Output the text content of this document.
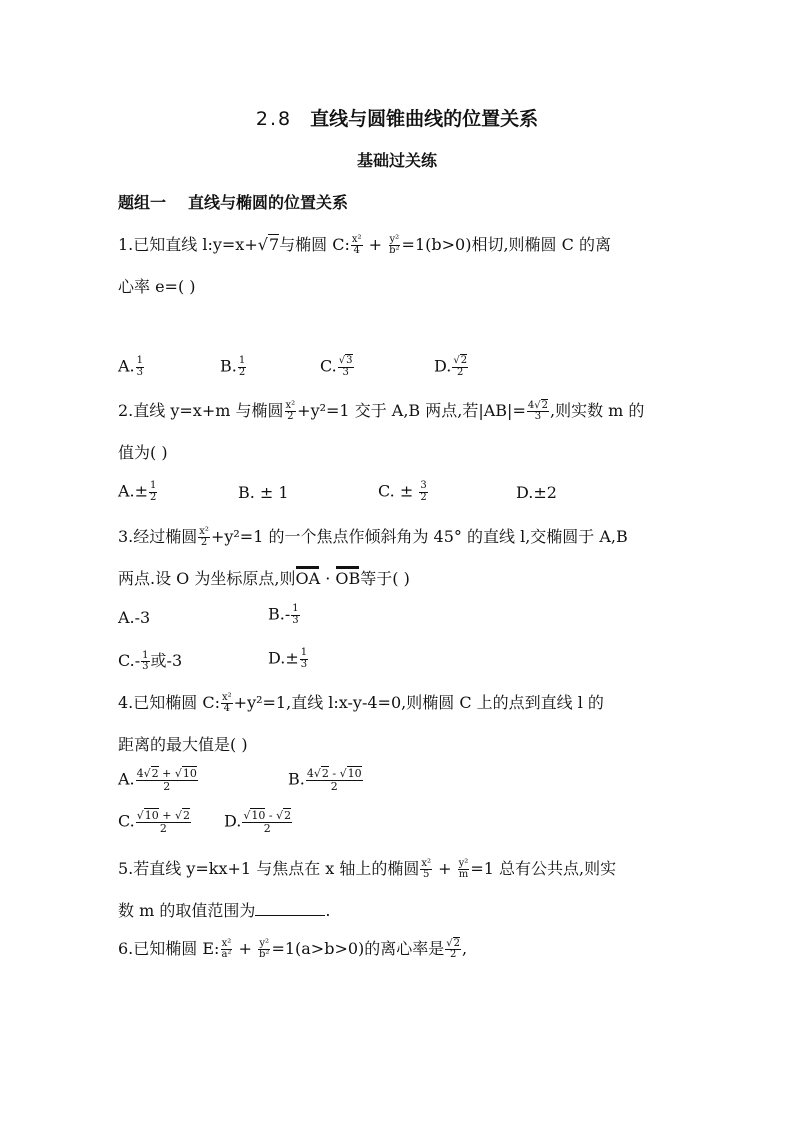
2.8 直线与圆锥曲线的位置关系
基础过关练
题组一 直线与椭圆的位置关系
1.已知直线 l:y=x+√7与椭圆 C: $\frac{\text{x²}}{4} + \frac{\text{y²}}{\text{b²}} =1(b>0)$相切,则椭圆 C 的离
心率 e=( )
A. $\frac{1}{3}$	B. $\frac{1}{2}$	C. $\frac{√3}{3}$	D. $\frac{√2}{2}$
2.直线 y=x+m 与椭圆 $\frac{\text{x²}}{2} +y^2=1$ 交于 A,B 两点,若$|AB|= \frac{4√2}{3}$ ,则实数 m 的
值为( )
$A.\pm \frac{1}{2}$	B. ± 1	C. ± $\frac{3}{2}$	D.±2
3.经过椭圆 $\frac{\text{x²}}{2} +y^2=1$ 的一个焦点作倾斜角为 45° 的直线 l,交椭圆于 A,B
两点.设 O 为坐标原点,则OA · OB等于( )
A.-3	$B.- \frac{1}{3}$
$C.- \frac{1}{3}$ 或-3	$D.\pm \frac{1}{3}$
4.已知椭圆 C: $\frac{\text{x²}}{4} +y^2=1$,直线 l:x-y-4=0,则椭圆 C 上的点到直线 l 的
距离的最大值是( )
A. $\frac{4√2 + √10}{2}$	B. $\frac{4√2 - √10}{2}$
C. $\frac{√10 + √2}{2} D$. $\frac{√10 - √2}{2}$
5.若直线 y=kx+1 与焦点在 x 轴上的椭圆 $\frac{\text{x²}}{5} + \frac{\text{y²}}{m} =1$ 总有公共点,则实
数 m 的取值范围为	.
6.已知椭圆 E: $\frac{\text{x²}}{\text{a²}} + \frac{\text{y²}}{\text{b²}} =1(a>b>0)$的离心率是 $\frac{√2}{2}$ ,
